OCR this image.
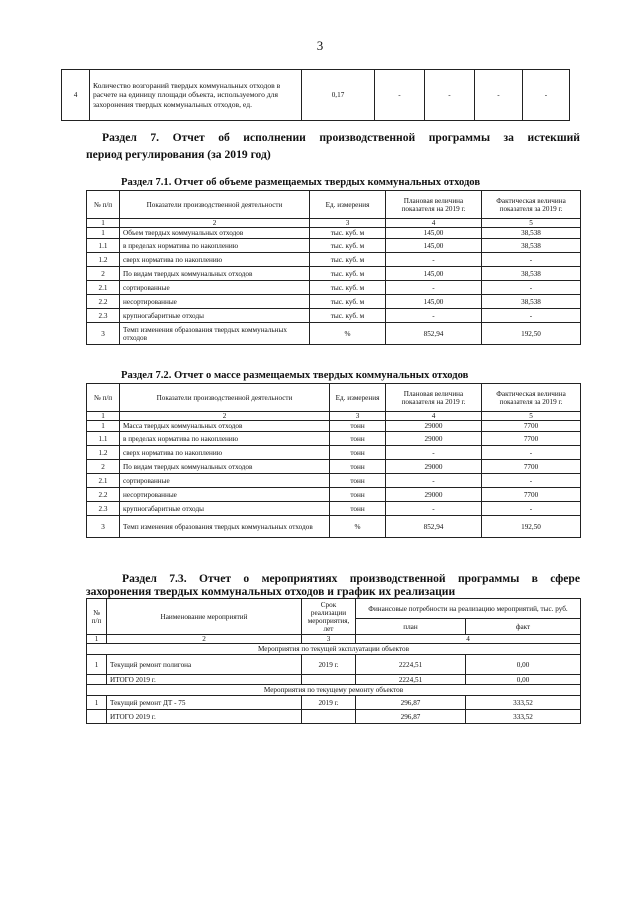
3
4	Количество возгораний твердых коммунальных отходов в расчете на единицу площади объекта, используемого для захоронения твердых коммунальных отходов, ед.	0,17	-	-	-	-
Раздел 7. Отчет об исполнении производственной программы за истекший
период регулирования (за 2019 год)
Раздел 7.1. Отчет об объеме размещаемых твердых коммунальных отходов
№ п/п	Показатели производственной деятельности	Ед. измерения	Плановая величина показателя на 2019 г.	Фактическая величина показателя за 2019 г.
1	2	3	4	5
1	Объем твердых коммунальных отходов	тыс. куб. м	145,00	38,538
1.1	в пределах норматива по накоплению	тыс. куб. м	145,00	38,538
1.2	сверх норматива по накоплению	тыс. куб. м	-	-
2	По видам твердых коммунальных отходов	тыс. куб. м	145,00	38,538
2.1	сортированные	тыс. куб. м	-	-
2.2	несортированные	тыс. куб. м	145,00	38,538
2.3	крупногабаритные отходы	тыс. куб. м	-	-
3	Темп изменения образования твердых коммунальных отходов	%	852,94	192,50
Раздел 7.2. Отчет о массе размещаемых твердых коммунальных отходов
№ п/п	Показатели производственной деятельности	Ед. измерения	Плановая величина показателя на 2019 г.	Фактическая величина показателя за 2019 г.
1	2	3	4	5
1	Масса твердых коммунальных отходов	тонн	29000	7700
1.1	в пределах норматива по накоплению	тонн	29000	7700
1.2	сверх норматива по накоплению	тонн	-	-
2	По видам твердых коммунальных отходов	тонн	29000	7700
2.1	сортированные	тонн	-	-
2.2	несортированные	тонн	29000	7700
2.3	крупногабаритные отходы	тонн	-	-
3	Темп изменения образования твердых коммунальных отходов	%	852,94	192,50
Раздел 7.3. Отчет о мероприятиях производственной программы в сфере
захоронения твердых коммунальных отходов и график их реализации
№ п/п	Наименование мероприятий	Срок реализации мероприятия, лет	Финансовые потребности на реализацию мероприятий, тыс. руб.	
			план	факт
1	2	3	4	
Мероприятия по текущей эксплуатации объектов				
1	Текущий ремонт полигона	2019 г.	2224,51	0,00
	ИТОГО 2019 г.		2224,51	0,00
Мероприятия по текущему ремонту объектов				
1	Текущий ремонт ДТ - 75	2019 г.	296,87	333,52
	ИТОГО 2019 г.		296,87	333,52
